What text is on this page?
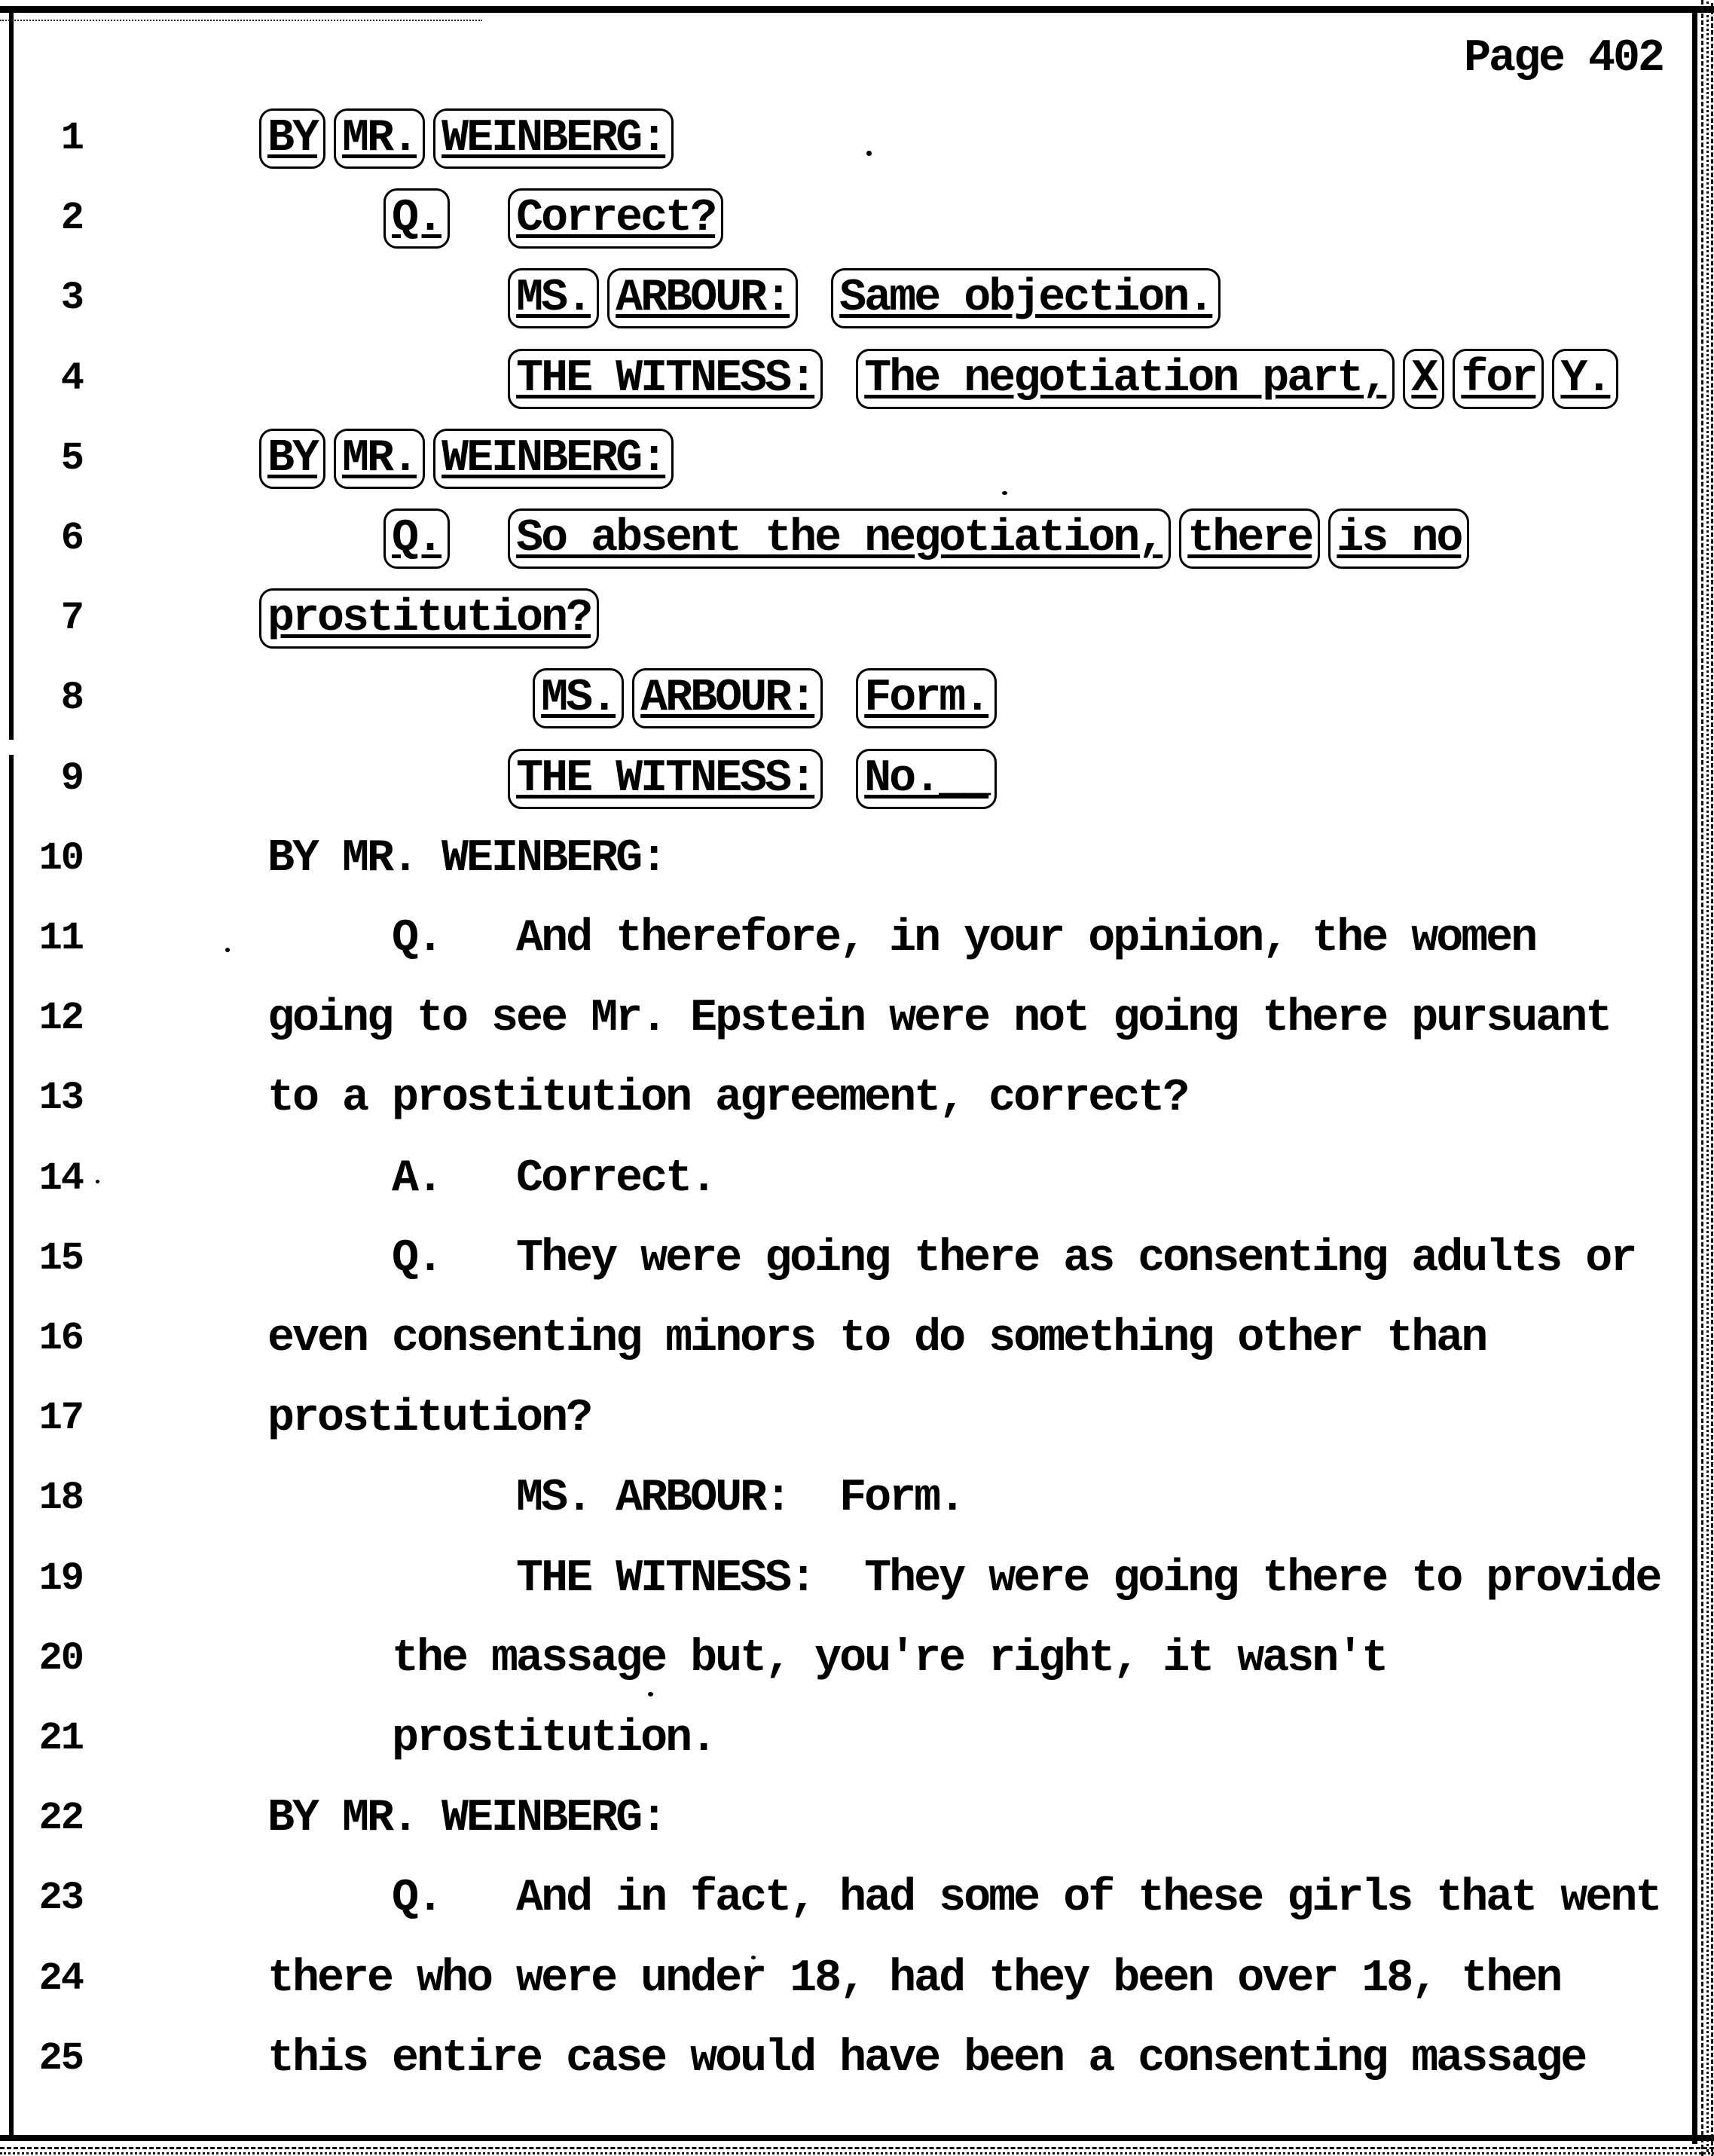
Page 402
1	BY MR. WEINBERG:
2	Q. Correct?
3	MS. ARBOUR: Same objection.
4	THE WITNESS: The negotiation part, X for Y.
5	BY MR. WEINBERG:
6	Q. So absent the negotiation, there is no
7	prostitution?
8	MS. ARBOUR: Form.
9	THE WITNESS: No.__
10	BY MR. WEINBERG:
11	Q.   And therefore, in your opinion, the women
12	going to see Mr. Epstein were not going there pursuant
13	to a prostitution agreement, correct?
14	A.   Correct.
15	Q.   They were going there as consenting adults or
16	even consenting minors to do something other than
17	prostitution?
18	MS. ARBOUR:  Form.
19	THE WITNESS:  They were going there to provide
20	the massage but, you're right, it wasn't
21	prostitution.
22	BY MR. WEINBERG:
23	Q.   And in fact, had some of these girls that went
24	there who were under 18, had they been over 18, then
25	this entire case would have been a consenting massage
